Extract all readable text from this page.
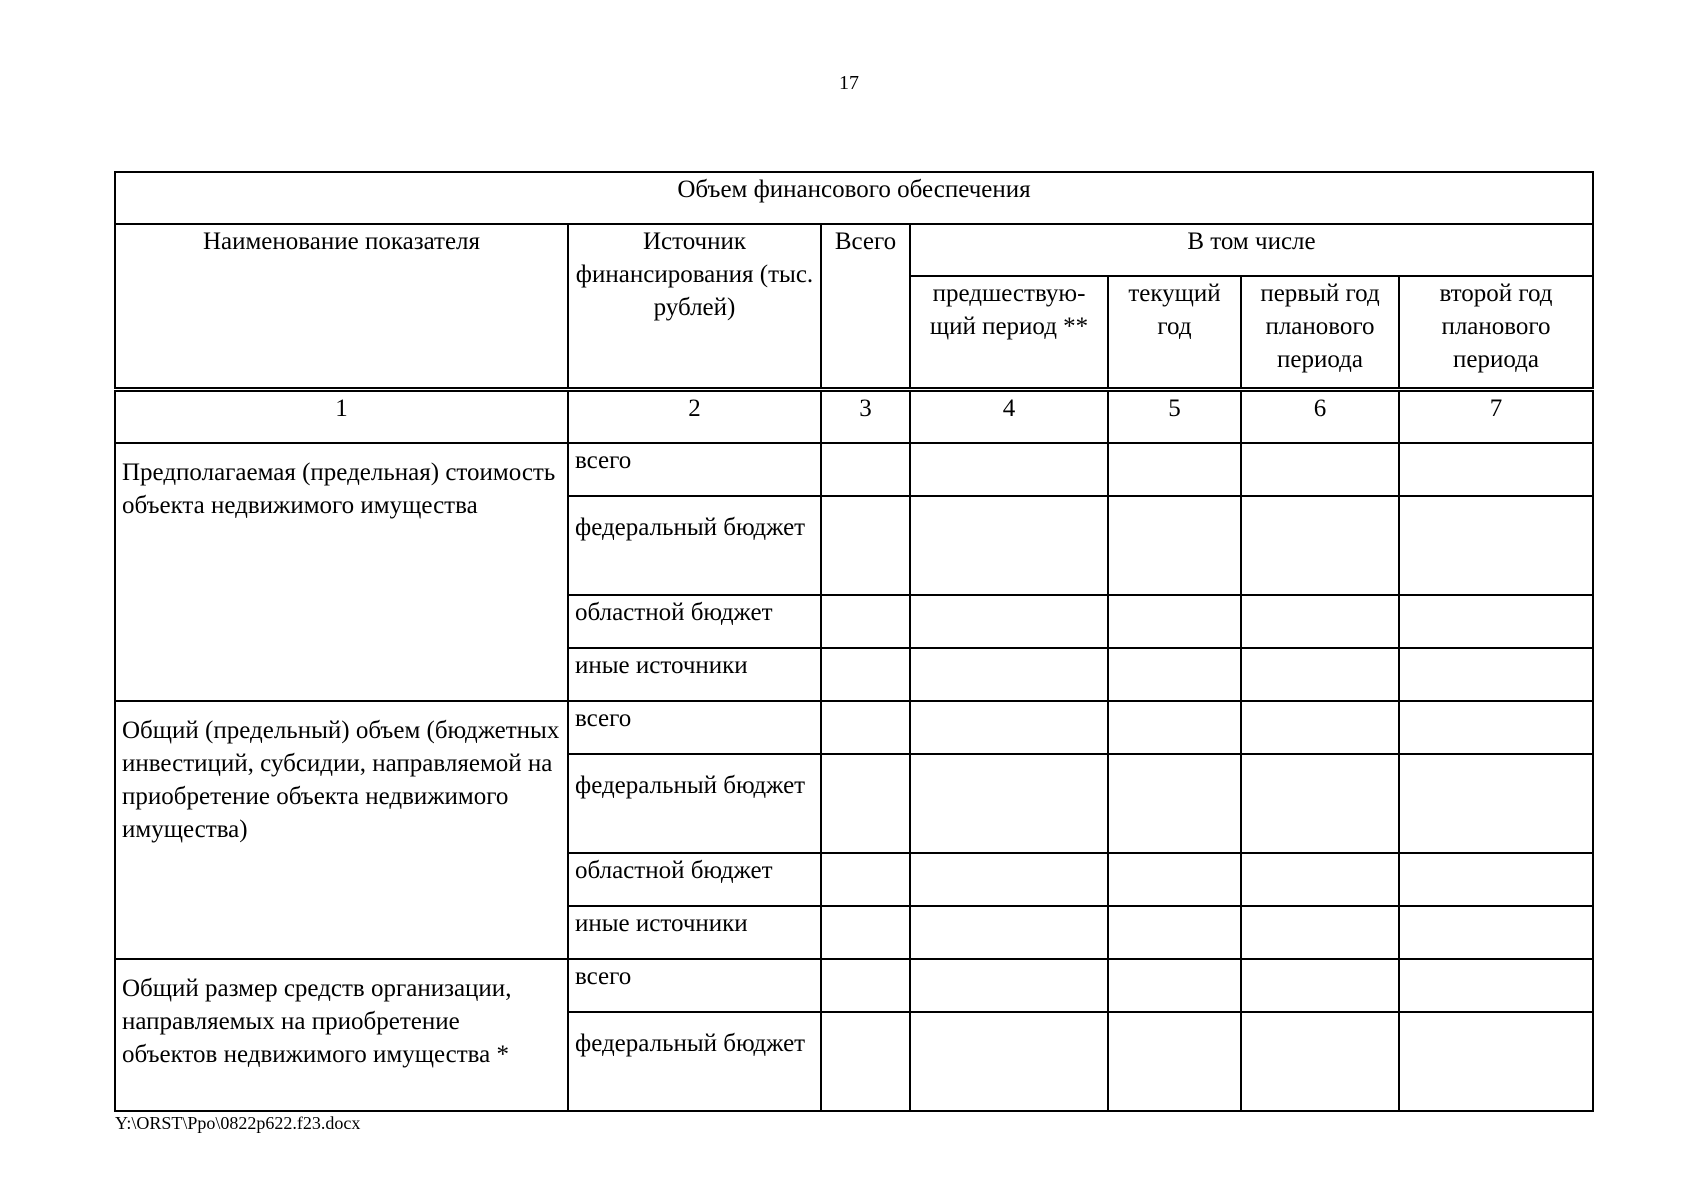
17
Объем финансового обеспечения						
Наименование показателя	Источник финансирования (тыс. рублей)	Всего	В том числе			
			предшествую-щий период **	текущий год	первый год планового периода	второй год планового периода
1	2	3	4	5	6	7
Предполагаемая (предельная) стоимость объекта недвижимого имущества	всего					
	федеральный бюджет					
	областной бюджет					
	иные источники					
Общий (предельный) объем (бюджетных инвестиций, субсидии, направляемой на приобретение объекта недвижимого имущества)	всего					
	федеральный бюджет					
	областной бюджет					
	иные источники					
Общий размер средств организации, направляемых на приобретение объектов недвижимого имущества *	всего					
	федеральный бюджет					
Y:\ORST\Ppo\0822p622.f23.docx
